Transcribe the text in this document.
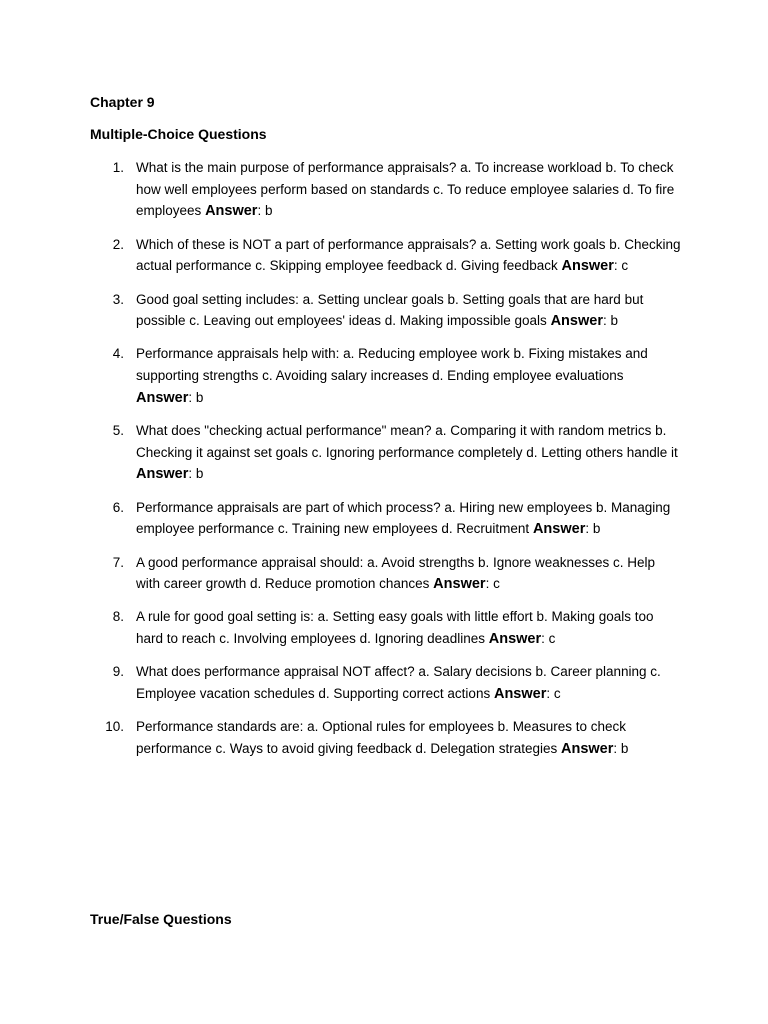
Chapter 9
Multiple-Choice Questions
1. What is the main purpose of performance appraisals? a. To increase workload b. To check how well employees perform based on standards c. To reduce employee salaries d. To fire employees Answer: b
2. Which of these is NOT a part of performance appraisals? a. Setting work goals b. Checking actual performance c. Skipping employee feedback d. Giving feedback Answer: c
3. Good goal setting includes: a. Setting unclear goals b. Setting goals that are hard but possible c. Leaving out employees' ideas d. Making impossible goals Answer: b
4. Performance appraisals help with: a. Reducing employee work b. Fixing mistakes and supporting strengths c. Avoiding salary increases d. Ending employee evaluations Answer: b
5. What does "checking actual performance" mean? a. Comparing it with random metrics b. Checking it against set goals c. Ignoring performance completely d. Letting others handle it Answer: b
6. Performance appraisals are part of which process? a. Hiring new employees b. Managing employee performance c. Training new employees d. Recruitment Answer: b
7. A good performance appraisal should: a. Avoid strengths b. Ignore weaknesses c. Help with career growth d. Reduce promotion chances Answer: c
8. A rule for good goal setting is: a. Setting easy goals with little effort b. Making goals too hard to reach c. Involving employees d. Ignoring deadlines Answer: c
9. What does performance appraisal NOT affect? a. Salary decisions b. Career planning c. Employee vacation schedules d. Supporting correct actions Answer: c
10. Performance standards are: a. Optional rules for employees b. Measures to check performance c. Ways to avoid giving feedback d. Delegation strategies Answer: b
True/False Questions
